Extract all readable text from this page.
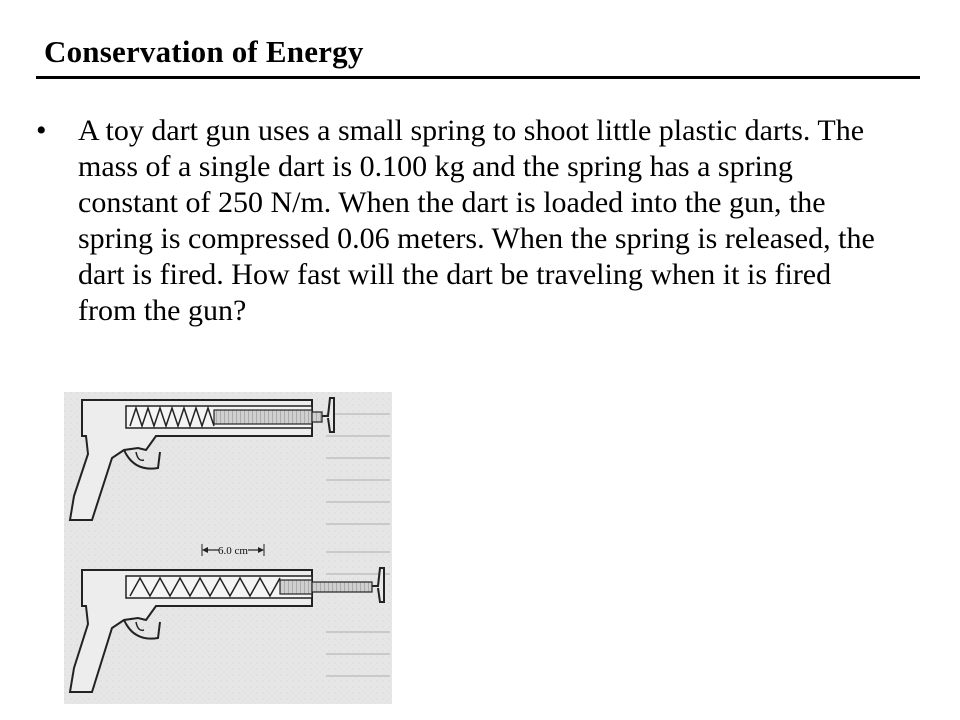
Conservation of Energy
• A toy dart gun uses a small spring to shoot little plastic darts. The mass of a single dart is 0.100 kg and the spring has a spring constant of 250 N/m. When the dart is loaded into the gun, the spring is compressed 0.06 meters. When the spring is released, the dart is fired. How fast will the dart be traveling when it is fired from the gun?
6.0 cm
